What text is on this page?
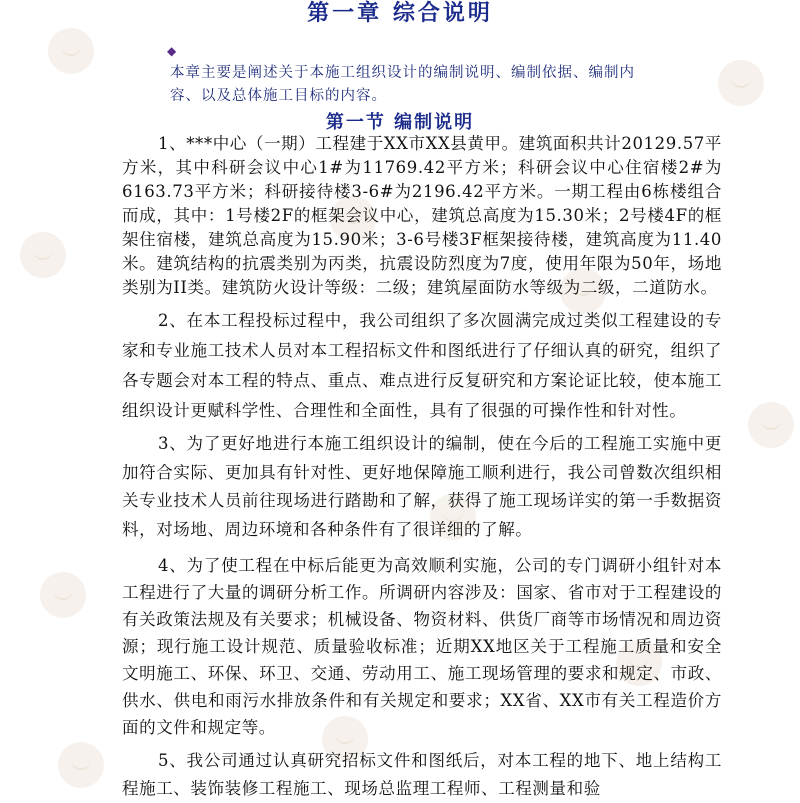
第一章 综合说明
◆

本章主要是阐述关于本施工组织设计的编制说明、编制依据、编制内容、以及总体施工目标的内容。

第一节 编制说明

1、***中心（一期）工程建于XX市XX县黄甲。建筑面积共计20129.57平方米，其中科研会议中心1#为11769.42平方米；科研会议中心住宿楼2#为6163.73平方米；科研接待楼3-6#为2196.42平方米。一期工程由6栋楼组合而成，其中：1号楼2F的框架会议中心，建筑总高度为15.30米；2号楼4F的框架住宿楼，建筑总高度为15.90米；3-6号楼3F框架接待楼，建筑高度为11.40米。建筑结构的抗震类别为丙类，抗震设防烈度为7度，使用年限为50年，场地类别为II类。建筑防火设计等级：二级；建筑屋面防水等级为二级，二道防水。

2、在本工程投标过程中，我公司组织了多次圆满完成过类似工程建设的专家和专业施工技术人员对本工程招标文件和图纸进行了仔细认真的研究，组织了各专题会对本工程的特点、重点、难点进行反复研究和方案论证比较，使本施工组织设计更赋科学性、合理性和全面性，具有了很强的可操作性和针对性。

3、为了更好地进行本施工组织设计的编制，使在今后的工程施工实施中更加符合实际、更加具有针对性、更好地保障施工顺利进行，我公司曾数次组织相关专业技术人员前往现场进行踏勘和了解，获得了施工现场详实的第一手数据资料，对场地、周边环境和各种条件有了很详细的了解。

4、为了使工程在中标后能更为高效顺利实施，公司的专门调研小组针对本工程进行了大量的调研分析工作。所调研内容涉及：国家、省市对于工程建设的有关政策法规及有关要求；机械设备、物资材料、供货厂商等市场情况和周边资源；现行施工设计规范、质量验收标准；近期XX地区关于工程施工质量和安全文明施工、环保、环卫、交通、劳动用工、施工现场管理的要求和规定、市政、供水、供电和雨污水排放条件和有关规定和要求；XX省、XX市有关工程造价方面的文件和规定等。

5、我公司通过认真研究招标文件和图纸后，对本工程的地下、地上结构工程施工、装饰装修工程施工、现场总监理工程师、工程测量和验
